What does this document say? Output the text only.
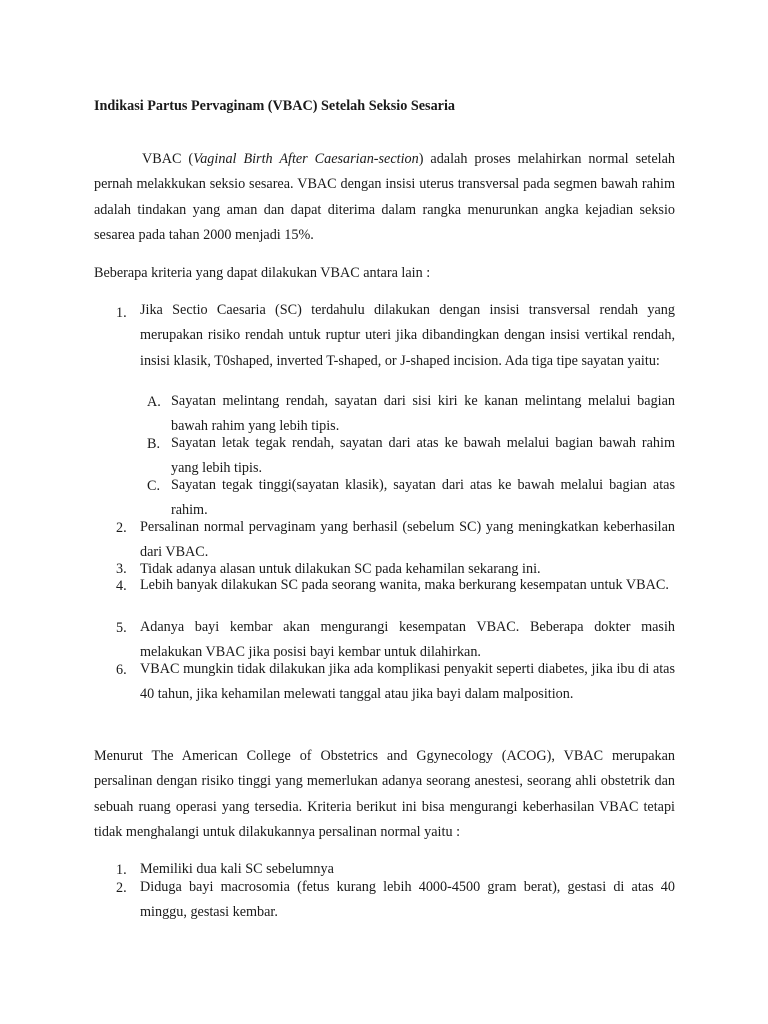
Indikasi Partus Pervaginam (VBAC) Setelah Seksio Sesaria

VBAC (Vaginal Birth After Caesarian-section) adalah proses melahirkan normal setelah pernah melakkukan seksio sesarea. VBAC dengan insisi uterus transversal pada segmen bawah rahim adalah tindakan yang aman dan dapat diterima dalam rangka menurunkan angka kejadian seksio sesarea pada tahan 2000 menjadi 15%.

Beberapa kriteria yang dapat dilakukan VBAC antara lain :

1. Jika Sectio Caesaria (SC) terdahulu dilakukan dengan insisi transversal rendah yang merupakan risiko rendah untuk ruptur uteri jika dibandingkan dengan insisi vertikal rendah, insisi klasik, T0shaped, inverted T-shaped, or J-shaped incision. Ada tiga tipe sayatan yaitu:

A. Sayatan melintang rendah, sayatan dari sisi kiri ke kanan melintang melalui bagian bawah rahim yang lebih tipis.

B. Sayatan letak tegak rendah, sayatan dari atas ke bawah melalui bagian bawah rahim yang lebih tipis.

C. Sayatan tegak tinggi(sayatan klasik), sayatan dari atas ke bawah melalui bagian atas rahim.

2. Persalinan normal pervaginam yang berhasil (sebelum SC) yang meningkatkan keberhasilan dari VBAC.

3. Tidak adanya alasan untuk dilakukan SC pada kehamilan sekarang ini.

4. Lebih banyak dilakukan SC pada seorang wanita, maka berkurang kesempatan untuk VBAC.

5. Adanya bayi kembar akan mengurangi kesempatan VBAC. Beberapa dokter masih melakukan VBAC jika posisi bayi kembar untuk dilahirkan.

6. VBAC mungkin tidak dilakukan jika ada komplikasi penyakit seperti diabetes, jika ibu di atas 40 tahun, jika kehamilan melewati tanggal atau jika bayi dalam malposition.

Menurut The American College of Obstetrics and Ggynecology (ACOG), VBAC merupakan persalinan dengan risiko tinggi yang memerlukan adanya seorang anestesi, seorang ahli obstetrik dan sebuah ruang operasi yang tersedia. Kriteria berikut ini bisa mengurangi keberhasilan VBAC tetapi tidak menghalangi untuk dilakukannya persalinan normal yaitu :

1. Memiliki dua kali SC sebelumnya

2. Diduga bayi macrosomia (fetus kurang lebih 4000-4500 gram berat), gestasi di atas 40 minggu, gestasi kembar.
